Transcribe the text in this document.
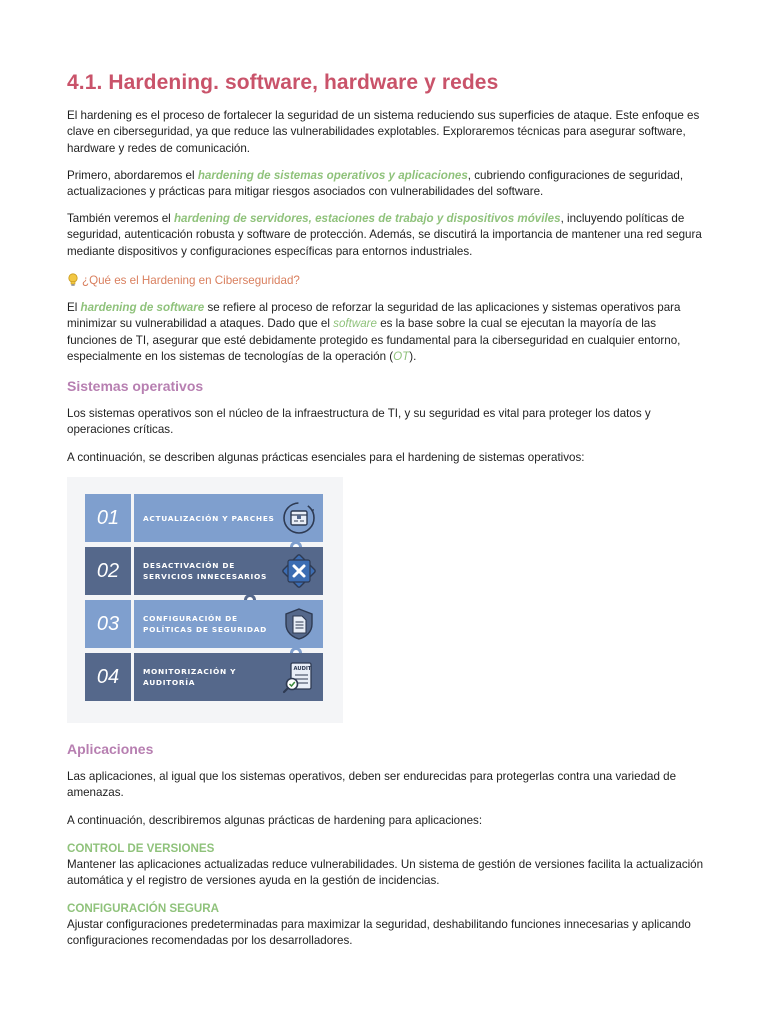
4.1. Hardening. software, hardware y redes

El hardening es el proceso de fortalecer la seguridad de un sistema reduciendo sus superficies de ataque. Este enfoque es clave en ciberseguridad, ya que reduce las vulnerabilidades explotables. Exploraremos técnicas para asegurar software, hardware y redes de comunicación.

Primero, abordaremos el hardening de sistemas operativos y aplicaciones, cubriendo configuraciones de seguridad, actualizaciones y prácticas para mitigar riesgos asociados con vulnerabilidades del software.

También veremos el hardening de servidores, estaciones de trabajo y dispositivos móviles, incluyendo políticas de seguridad, autenticación robusta y software de protección. Además, se discutirá la importancia de mantener una red segura mediante dispositivos y configuraciones específicas para entornos industriales.

¿Qué es el Hardening en Ciberseguridad?

El hardening de software se refiere al proceso de reforzar la seguridad de las aplicaciones y sistemas operativos para minimizar su vulnerabilidad a ataques. Dado que el software es la base sobre la cual se ejecutan la mayoría de las funciones de TI, asegurar que esté debidamente protegido es fundamental para la ciberseguridad en cualquier entorno, especialmente en los sistemas de tecnologías de la operación (OT).

Sistemas operativos

Los sistemas operativos son el núcleo de la infraestructura de TI, y su seguridad es vital para proteger los datos y operaciones críticas.

A continuación, se describen algunas prácticas esenciales para el hardening de sistemas operativos:

01	ACTUALIZACIÓN Y PARCHES
02	DESACTIVACIÓN DE
SERVICIOS INNECESARIOS
03	CONFIGURACIÓN DE
POLÍTICAS DE SEGURIDAD
04	MONITORIZACIÓN Y
AUDITORÍA
AUDIT
Aplicaciones

Las aplicaciones, al igual que los sistemas operativos, deben ser endurecidas para protegerlas contra una variedad de amenazas.

A continuación, describiremos algunas prácticas de hardening para aplicaciones:

CONTROL DE VERSIONES

Mantener las aplicaciones actualizadas reduce vulnerabilidades. Un sistema de gestión de versiones facilita la actualización automática y el registro de versiones ayuda en la gestión de incidencias.

CONFIGURACIÓN SEGURA

Ajustar configuraciones predeterminadas para maximizar la seguridad, deshabilitando funciones innecesarias y aplicando configuraciones recomendadas por los desarrolladores.
